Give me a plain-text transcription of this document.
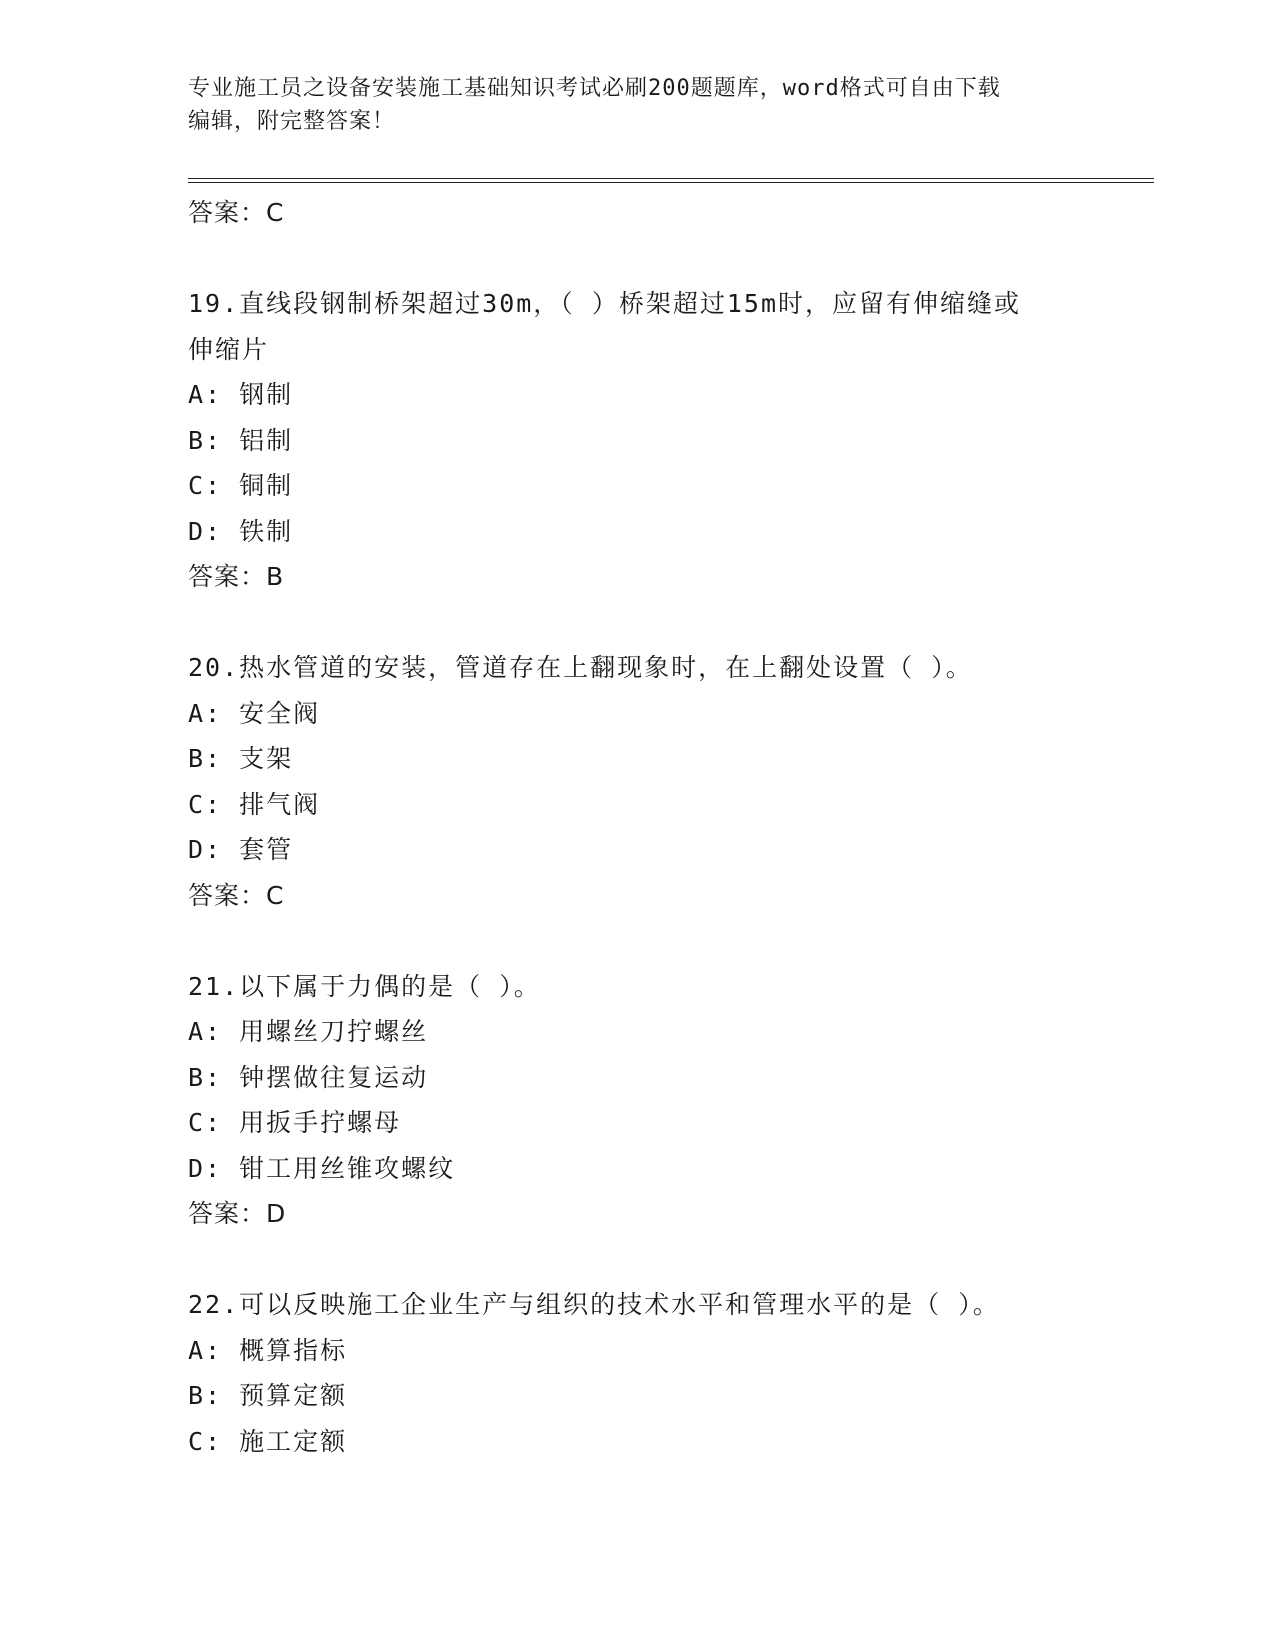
专业施工员之设备安装施工基础知识考试必刷200题题库，word格式可自由下载
编辑，附完整答案！
答案：C
19.直线段钢制桥架超过30m，（ ）桥架超过15m时，应留有伸缩缝或
伸缩片
A: 钢制
B: 铝制
C: 铜制
D: 铁制
答案：B
20.热水管道的安装，管道存在上翻现象时，在上翻处设置（ ）。
A: 安全阀
B: 支架
C: 排气阀
D: 套管
答案：C
21.以下属于力偶的是（ ）。
A: 用螺丝刀拧螺丝
B: 钟摆做往复运动
C: 用扳手拧螺母
D: 钳工用丝锥攻螺纹
答案：D
22.可以反映施工企业生产与组织的技术水平和管理水平的是（ ）。
A: 概算指标
B: 预算定额
C: 施工定额
